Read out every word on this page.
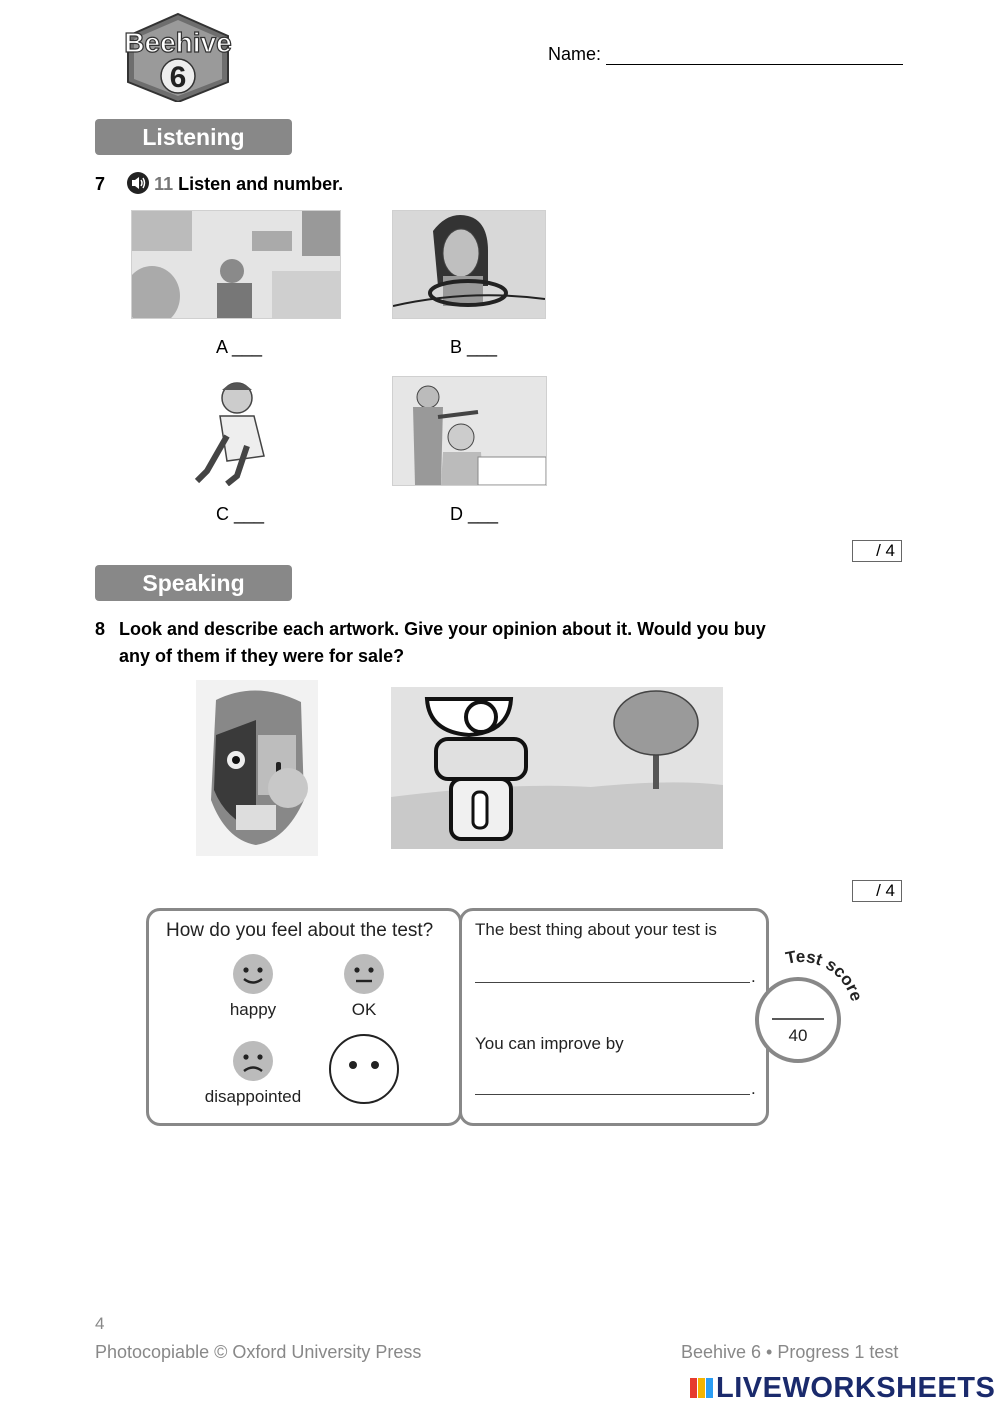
Beehive
6
Name:
Listening
7	11 Listen and number.
A ___	B ___
C ___	D ___
/ 4
Speaking
8 Look and describe each artwork. Give your opinion about it. Would you buy
any of them if they were for sale?
/ 4
How do you feel about the test?
happy	OK
disappointed
The best thing about your test is
.
You can improve by
.
Test score
40
4
Photocopiable © Oxford University Press	Beehive 6 • Progress 1 test
LIVEWORKSHEETS
